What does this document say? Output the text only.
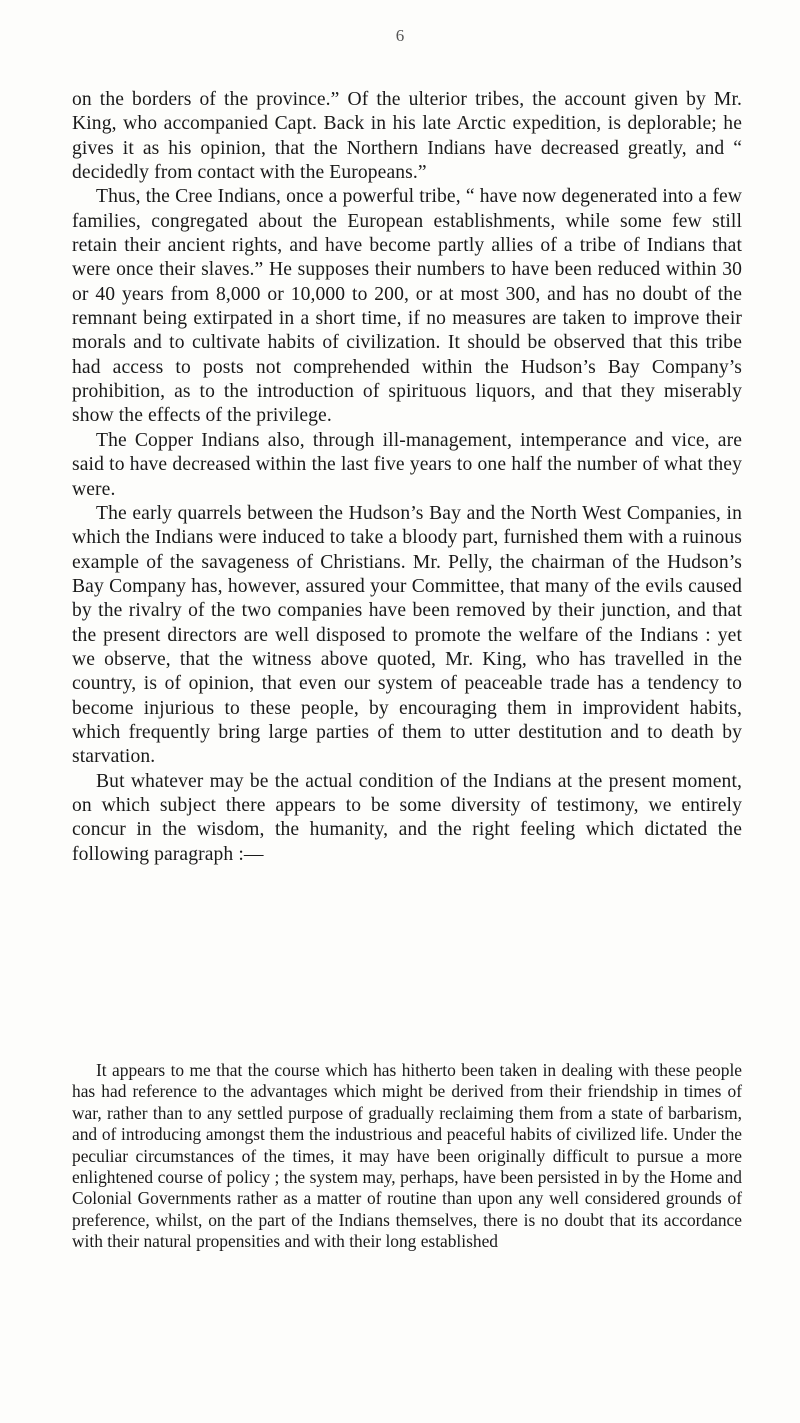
6

on the borders of the province.” Of the ulterior tribes, the account given by Mr. King, who accompanied Capt. Back in his late Arctic expedition, is deplorable; he gives it as his opinion, that the Northern Indians have decreased greatly, and “ decidedly from contact with the Europeans.”

Thus, the Cree Indians, once a powerful tribe, “ have now degenerated into a few families, congregated about the European establishments, while some few still retain their ancient rights, and have become partly allies of a tribe of Indians that were once their slaves.” He supposes their numbers to have been reduced within 30 or 40 years from 8,000 or 10,000 to 200, or at most 300, and has no doubt of the remnant being extirpated in a short time, if no measures are taken to improve their morals and to cultivate habits of civilization. It should be observed that this tribe had access to posts not comprehended within the Hudson’s Bay Company’s prohibition, as to the introduction of spirituous liquors, and that they miserably show the effects of the privilege.

The Copper Indians also, through ill-management, intemperance and vice, are said to have decreased within the last five years to one half the number of what they were.

The early quarrels between the Hudson’s Bay and the North West Companies, in which the Indians were induced to take a bloody part, furnished them with a ruinous example of the savageness of Christians. Mr. Pelly, the chairman of the Hudson’s Bay Company has, however, assured your Committee, that many of the evils caused by the rivalry of the two companies have been removed by their junction, and that the present directors are well disposed to promote the welfare of the Indians : yet we observe, that the witness above quoted, Mr. King, who has travelled in the country, is of opinion, that even our system of peaceable trade has a tendency to become injurious to these people, by encouraging them in improvident habits, which frequently bring large parties of them to utter destitution and to death by starvation.

But whatever may be the actual condition of the Indians at the present moment, on which subject there appears to be some diversity of testimony, we entirely concur in the wisdom, the humanity, and the right feeling which dictated the following paragraph :—

It appears to me that the course which has hitherto been taken in dealing with these people has had reference to the advantages which might be derived from their friendship in times of war, rather than to any settled purpose of gradually reclaiming them from a state of barbarism, and of introducing amongst them the industrious and peaceful habits of civilized life. Under the peculiar circumstances of the times, it may have been originally difficult to pursue a more enlightened course of policy ; the system may, perhaps, have been persisted in by the Home and Colonial Governments rather as a matter of routine than upon any well considered grounds of preference, whilst, on the part of the Indians themselves, there is no doubt that its accordance with their natural propensities and with their long established
